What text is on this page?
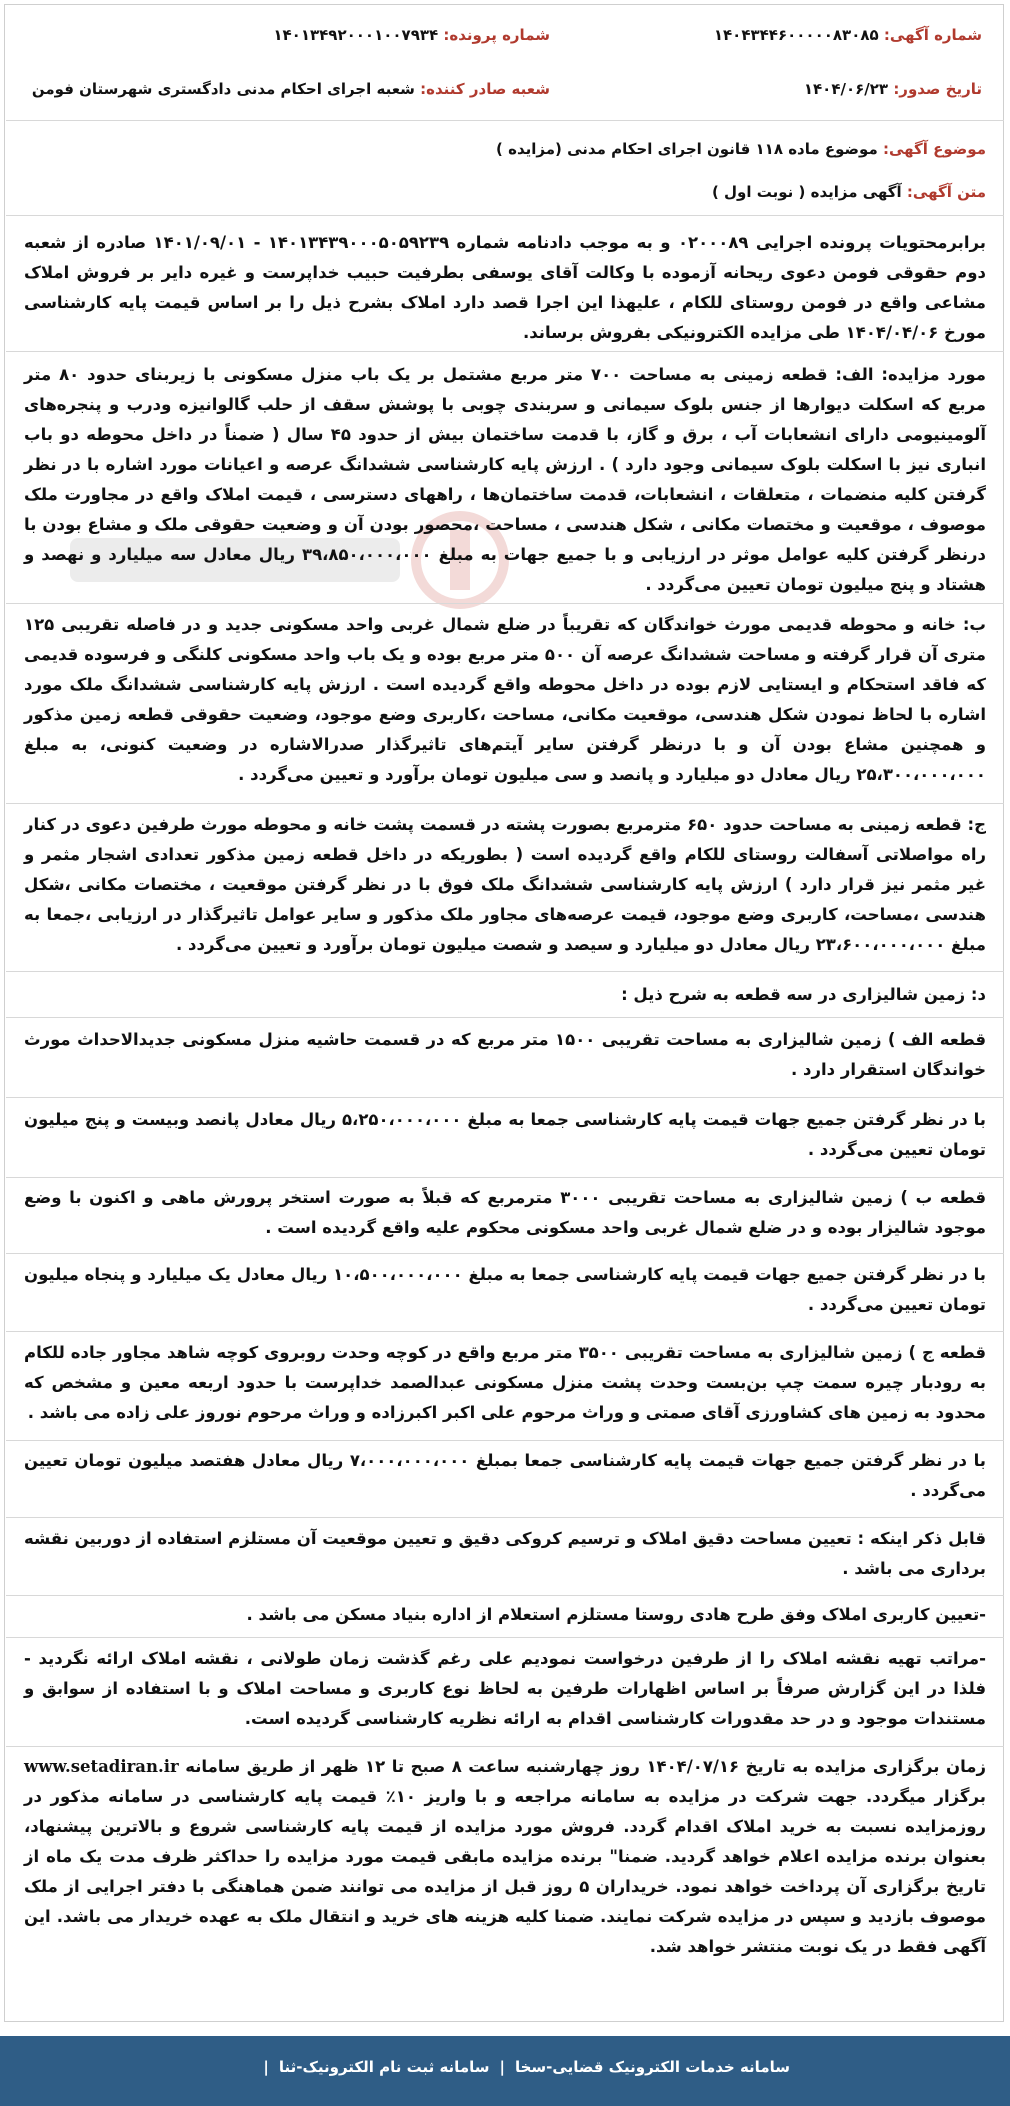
شماره آگهی: ۱۴۰۴۳۴۴۶۰۰۰۰۰۸۳۰۸۵
شماره پرونده: ۱۴۰۱۳۴۹۲۰۰۰۱۰۰۷۹۳۴
تاریخ صدور: ۱۴۰۴/۰۶/۲۳
شعبه صادر کننده: شعبه اجرای احکام مدنی دادگستری شهرستان فومن
موضوع آگهی: موضوع ماده ۱۱۸ قانون اجرای احکام مدنی (مزایده )
متن آگهی: آگهی مزایده ( نوبت اول )
برابرمحتویات پرونده اجرایی ۰۲۰۰۰۸۹ و به موجب دادنامه شماره ۱۴۰۱۳۴۳۹۰۰۰۵۰۵۹۲۳۹ - ۱۴۰۱/۰۹/۰۱ صادره از شعبه دوم حقوقی فومن دعوی ریحانه آزموده با وکالت آقای یوسفی بطرفیت حبیب خداپرست و غیره دایر بر فروش املاک مشاعی واقع در فومن روستای للکام ، علیهذا این اجرا قصد دارد املاک بشرح ذیل را بر اساس قیمت پایه کارشناسی مورخ ۱۴۰۴/۰۴/۰۶ طی مزایده الکترونیکی بفروش برساند.
مورد مزایده: الف: قطعه زمینی به مساحت ۷۰۰ متر مربع مشتمل بر یک باب منزل مسکونی با زیربنای حدود ۸۰ متر مربع که اسکلت دیوارها از جنس بلوک سیمانی و سربندی چوبی با پوشش سقف از حلب گالوانیزه ودرب و پنجره‌های آلومینیومی دارای انشعابات آب ، برق و گاز، با قدمت ساختمان بیش از حدود ۴۵ سال ( ضمناً در داخل محوطه دو باب انباری نیز با اسکلت بلوک سیمانی وجود دارد ) . ارزش پایه کارشناسی ششدانگ عرصه و اعیانات مورد اشاره با در نظر گرفتن کلیه منضمات ، متعلقات ، انشعابات، قدمت ساختمان‌ها ، راههای دسترسی ، قیمت املاک واقع در مجاورت ملک موصوف ، موقعیت و مختصات مکانی ، شکل هندسی ، مساحت ،محصور بودن آن و وضعیت حقوقی ملک و مشاع بودن با درنظر گرفتن کلیه عوامل موثر در ارزیابی و با جمیع جهات به مبلغ ۳۹،۸۵۰،۰۰۰،۰۰۰ ریال معادل سه میلیارد و نهصد و هشتاد و پنج میلیون تومان تعیین می‌گردد .
ب: خانه و محوطه قدیمی مورث خواندگان که تقریباً در ضلع شمال غربی واحد مسکونی جدید و در فاصله تقریبی ۱۲۵ متری آن قرار گرفته و مساحت ششدانگ عرصه آن ۵۰۰ متر مربع بوده و یک باب واحد مسکونی کلنگی و فرسوده قدیمی که فاقد استحکام و ایستایی لازم بوده در داخل محوطه واقع گردیده است . ارزش پایه کارشناسی ششدانگ ملک مورد اشاره با لحاظ نمودن شکل هندسی، موقعیت مکانی، مساحت ،کاربری وضع موجود، وضعیت حقوقی قطعه زمین مذکور و همچنین مشاع بودن آن و با درنظر گرفتن سایر آیتم‌های تاثیرگذار صدرالاشاره در وضعیت کنونی، به مبلغ ۲۵،۳۰۰،۰۰۰،۰۰۰ ریال معادل دو میلیارد و پانصد و سی میلیون تومان برآورد و تعیین می‌گردد .
ج: قطعه زمینی به مساحت حدود ۶۵۰ مترمربع بصورت پشته در قسمت پشت خانه و محوطه مورث طرفین دعوی در کنار راه مواصلاتی آسفالت روستای للکام واقع گردیده است ( بطوریکه در داخل قطعه زمین مذکور تعدادی اشجار مثمر و غیر مثمر نیز قرار دارد ) ارزش پایه کارشناسی ششدانگ ملک فوق با در نظر گرفتن موقعیت ، مختصات مکانی ،شکل هندسی ،مساحت، کاربری وضع موجود، قیمت عرصه‌های مجاور ملک مذکور و سایر عوامل تاثیرگذار در ارزیابی ،جمعا به مبلغ ۲۳،۶۰۰،۰۰۰،۰۰۰ ریال معادل دو میلیارد و سیصد و شصت میلیون تومان برآورد و تعیین می‌گردد .
د: زمین شالیزاری در سه قطعه به شرح ذیل :
قطعه الف ) زمین شالیزاری به مساحت تقریبی ۱۵۰۰ متر مربع که در قسمت حاشیه منزل مسکونی جدیدالاحداث مورث خواندگان استقرار دارد .
با در نظر گرفتن جمیع جهات قیمت پایه کارشناسی جمعا به مبلغ ۵،۲۵۰،۰۰۰،۰۰۰ ریال معادل پانصد وبیست و پنج میلیون تومان تعیین می‌گردد .
قطعه ب ) زمین شالیزاری به مساحت تقریبی ۳۰۰۰ مترمربع که قبلاً به صورت استخر پرورش ماهی و اکنون با وضع موجود شالیزار بوده و در ضلع شمال غربی واحد مسکونی محکوم علیه واقع گردیده است .
با در نظر گرفتن جمیع جهات قیمت پایه کارشناسی جمعا به مبلغ ۱۰،۵۰۰،۰۰۰،۰۰۰ ریال معادل یک میلیارد و پنجاه میلیون تومان تعیین می‌گردد .
قطعه ج ) زمین شالیزاری به مساحت تقریبی ۳۵۰۰ متر مربع واقع در کوچه وحدت روبروی کوچه شاهد مجاور جاده للکام به رودبار چیره سمت چپ بن‌بست وحدت پشت منزل مسکونی عبدالصمد خداپرست با حدود اربعه معین و مشخص که محدود به زمین های کشاورزی آقای صمتی و وراث مرحوم علی اکبر اکبرزاده و وراث مرحوم نوروز علی زاده می باشد .
با در نظر گرفتن جمیع جهات قیمت پایه کارشناسی جمعا بمبلغ ۷،۰۰۰،۰۰۰،۰۰۰ ریال معادل هفتصد میلیون تومان تعیین می‌گردد .
قابل ذکر اینکه : تعیین مساحت دقیق املاک و ترسیم کروکی دقیق و تعیین موقعیت آن مستلزم استفاده از دوربین نقشه برداری می باشد .
-تعیین کاربری املاک وفق طرح هادی روستا مستلزم استعلام از اداره بنیاد مسکن می باشد .
-مراتب تهیه نقشه املاک را از طرفین درخواست نمودیم علی رغم گذشت زمان طولانی ، نقشه املاک ارائه نگردید - فلذا در این گزارش صرفاً بر اساس اظهارات طرفین به لحاظ نوع کاربری و مساحت املاک و با استفاده از سوابق و مستندات موجود و در حد مقدورات کارشناسی اقدام به ارائه نظریه کارشناسی گردیده است.
زمان برگزاری مزایده به تاریخ ۱۴۰۴/۰۷/۱۶ روز چهارشنبه ساعت ۸ صبح تا ۱۲ ظهر از طریق سامانه www.setadiran.ir برگزار میگردد. جهت شرکت در مزایده به سامانه مراجعه و با واریز ۱۰٪ قیمت پایه کارشناسی در سامانه مذکور در روزمزایده نسبت به خرید املاک اقدام گردد. فروش مورد مزایده از قیمت پایه کارشناسی شروع و بالاترین پیشنهاد، بعنوان برنده مزایده اعلام خواهد گردید. ضمنا" برنده مزایده مابقی قیمت مورد مزایده را حداکثر ظرف مدت یک ماه از تاریخ برگزاری آن پرداخت خواهد نمود. خریداران ۵ روز قبل از مزایده می توانند ضمن هماهنگی با دفتر اجرایی از ملک موصوف بازدید و سپس در مزایده شرکت نمایند. ضمنا کلیه هزینه های خرید و انتقال ملک به عهده خریدار می باشد. این آگهی فقط در یک نوبت منتشر خواهد شد.
سامانه خدمات الکترونیک قضایی-سخا|سامانه ثبت نام الکترونیک-ثنا|
